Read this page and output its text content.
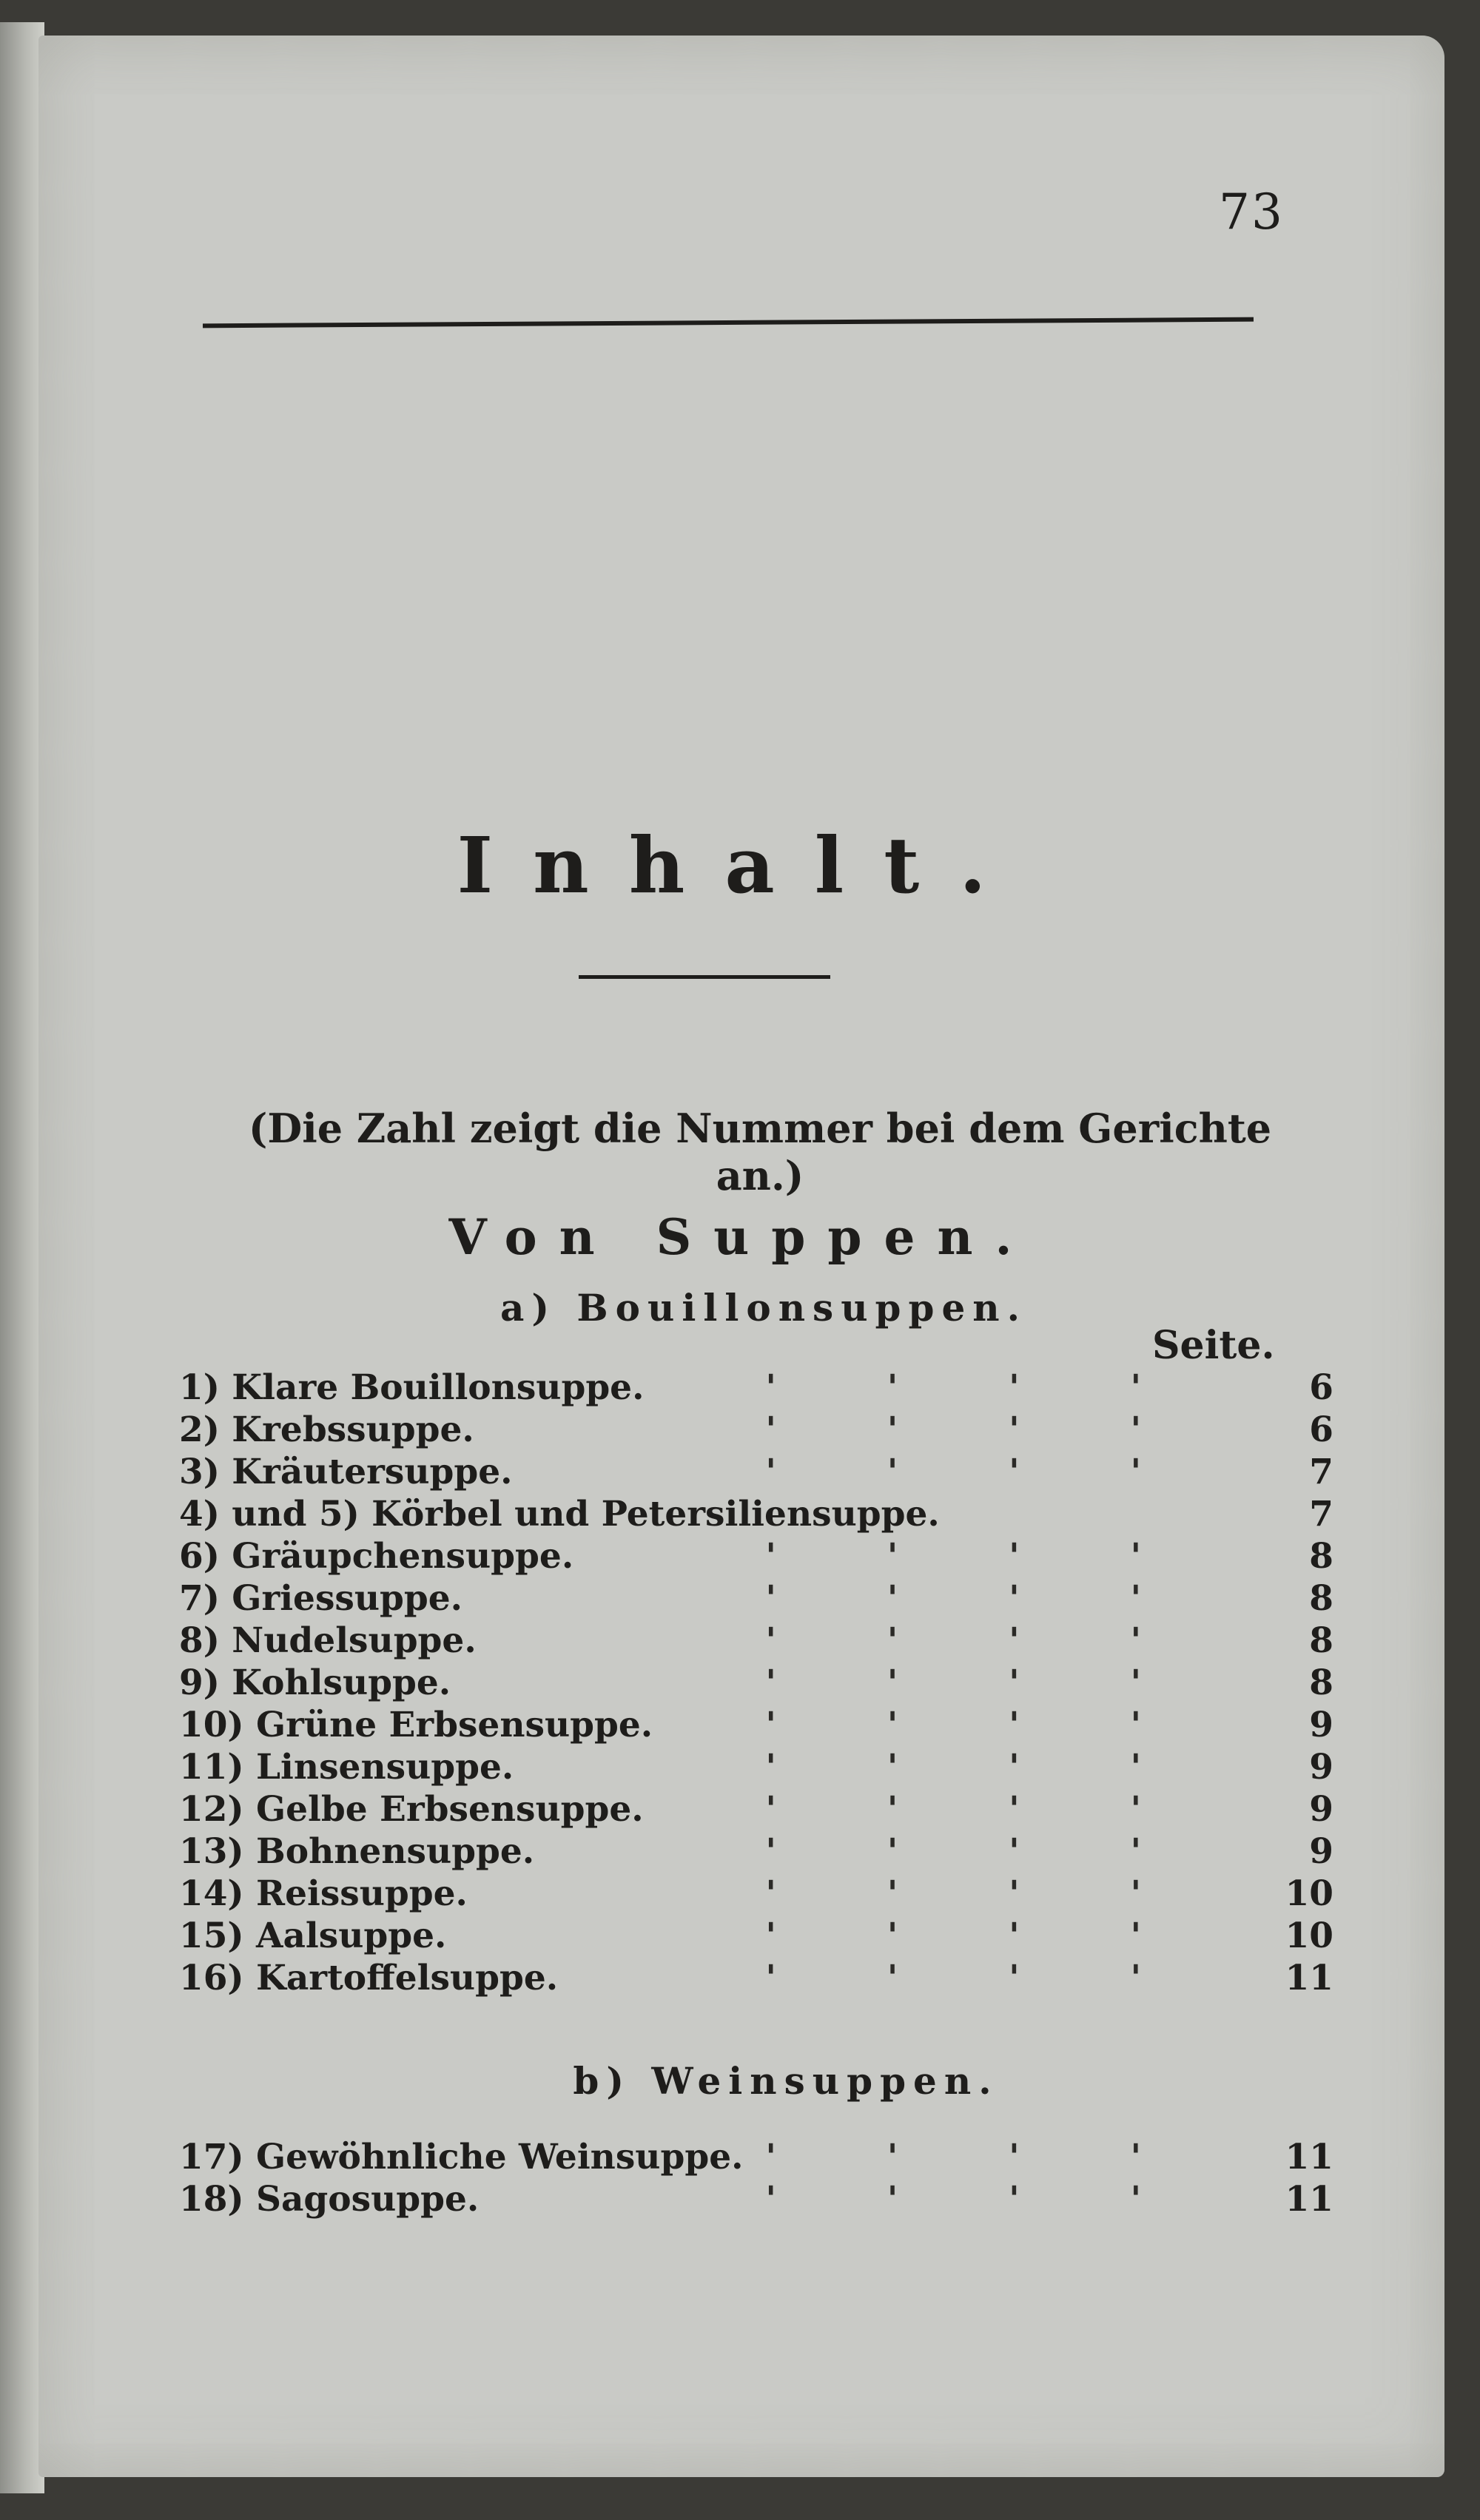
73
Inhalt.
(Die Zahl zeigt die Nummer bei dem Gerichte an.)
Von Suppen.
a) Bouillonsuppen.
Seite.
1) Klare Bouillonsuppe.	''''	6
2) Krebssuppe.	''''	6
3) Kräutersuppe.	''''	7
4) und 5) Körbel und Petersiliensuppe.	7
6) Gräupchensuppe.	''''	8
7) Griessuppe.	''''	8
8) Nudelsuppe.	''''	8
9) Kohlsuppe.	''''	8
10) Grüne Erbsensuppe.	''''	9
11) Linsensuppe.	''''	9
12) Gelbe Erbsensuppe.	''''	9
13) Bohnensuppe.	''''	9
14) Reissuppe.	'''' 10
15) Aalsuppe.	'''' 10
16) Kartoffelsuppe.	'''' 11
b) Weinsuppen.
17) Gewöhnliche Weinsuppe. '''' 11
18) Sagosuppe.	'''' 11
